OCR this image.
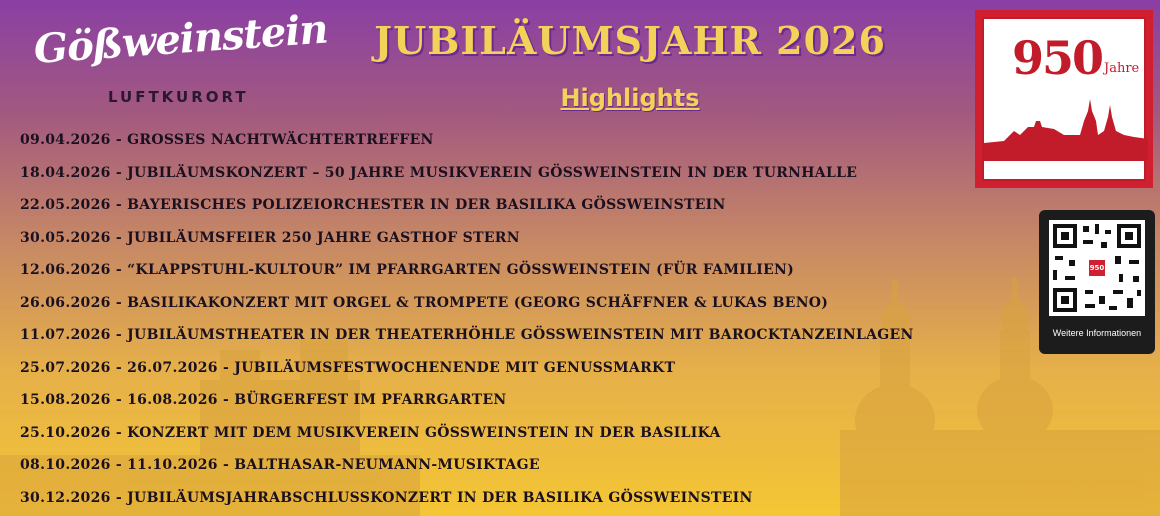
Gößweinstein
LUFTKURORT
JUBILÄUMSJAHR 2026
Highlights
09.04.2026 - GROSSES NACHTWÄCHTERTREFFEN
18.04.2026 - JUBILÄUMSKONZERT – 50 JAHRE MUSIKVEREIN GÖSSWEINSTEIN IN DER TURNHALLE
22.05.2026 - BAYERISCHES POLIZEIORCHESTER IN DER BASILIKA GÖSSWEINSTEIN
30.05.2026 - JUBILÄUMSFEIER 250 JAHRE GASTHOF STERN
12.06.2026 - “KLAPPSTUHL-KULTOUR” IM PFARRGARTEN GÖSSWEINSTEIN (FÜR FAMILIEN)
26.06.2026 - BASILIKAKONZERT MIT ORGEL & TROMPETE (GEORG SCHÄFFNER & LUKAS BENO)
11.07.2026 - JUBILÄUMSTHEATER IN DER THEATERHÖHLE GÖSSWEINSTEIN MIT BAROCKTANZEINLAGEN
25.07.2026 - 26.07.2026 - JUBILÄUMSFESTWOCHENENDE MIT GENUSSMARKT
15.08.2026 - 16.08.2026 - BÜRGERFEST IM PFARRGARTEN
25.10.2026 - KONZERT MIT DEM MUSIKVEREIN GÖSSWEINSTEIN IN DER BASILIKA
08.10.2026 - 11.10.2026 - BALTHASAR-NEUMANN-MUSIKTAGE
30.12.2026 - JUBILÄUMSJAHRABSCHLUSSKONZERT IN DER BASILIKA GÖSSWEINSTEIN
950 Jahre
Gößweinstein
950
Weitere Informationen
